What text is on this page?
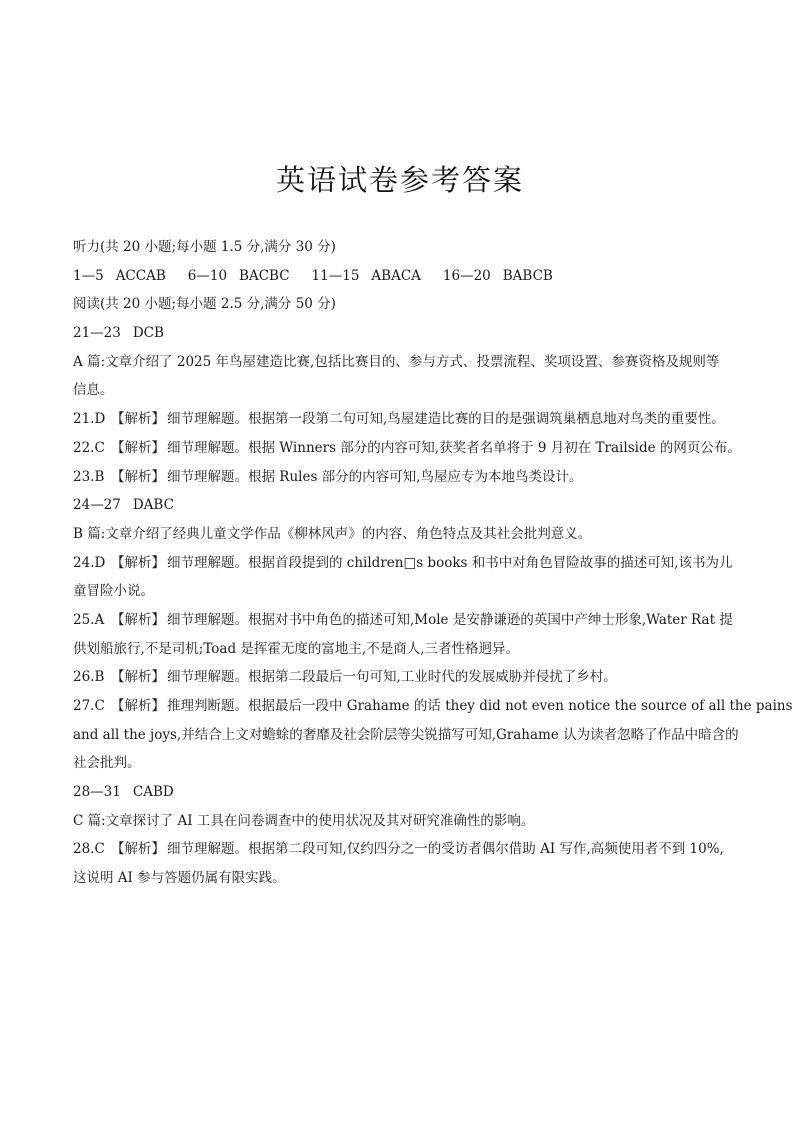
英语试卷参考答案
听力(共 20 小题;每小题 1.5 分,满分 30 分)
1—5 ACCAB 6—10 BACBC 11—15 ABACA 16—20 BABCB
阅读(共 20 小题;每小题 2.5 分,满分 50 分)
21—23 DCB
A 篇:文章介绍了 2025 年鸟屋建造比赛,包括比赛目的、参与方式、投票流程、奖项设置、参赛资格及规则等
信息。
21.D 【解析】 细节理解题。根据第一段第二句可知,鸟屋建造比赛的目的是强调筑巢栖息地对鸟类的重要性。
22.C 【解析】 细节理解题。根据 Winners 部分的内容可知,获奖者名单将于 9 月初在 Trailside 的网页公布。
23.B 【解析】 细节理解题。根据 Rules 部分的内容可知,鸟屋应专为本地鸟类设计。
24—27 DABC
B 篇:文章介绍了经典儿童文学作品《柳林风声》的内容、角色特点及其社会批判意义。
24.D 【解析】 细节理解题。根据首段提到的 children□s books 和书中对角色冒险故事的描述可知,该书为儿
童冒险小说。
25.A 【解析】 细节理解题。根据对书中角色的描述可知,Mole 是安静谦逊的英国中产绅士形象,Water Rat 提
供划船旅行,不是司机;Toad 是挥霍无度的富地主,不是商人,三者性格迥异。
26.B 【解析】 细节理解题。根据第二段最后一句可知,工业时代的发展威胁并侵扰了乡村。
27.C 【解析】 推理判断题。根据最后一段中 Grahame 的话 they did not even notice the source of all the pains
and all the joys,并结合上文对蟾蜍的奢靡及社会阶层等尖锐描写可知,Grahame 认为读者忽略了作品中暗含的
社会批判。
28—31 CABD
C 篇:文章探讨了 AI 工具在问卷调查中的使用状况及其对研究准确性的影响。
28.C 【解析】 细节理解题。根据第二段可知,仅约四分之一的受访者偶尔借助 AI 写作,高频使用者不到 10%,
这说明 AI 参与答题仍属有限实践。
